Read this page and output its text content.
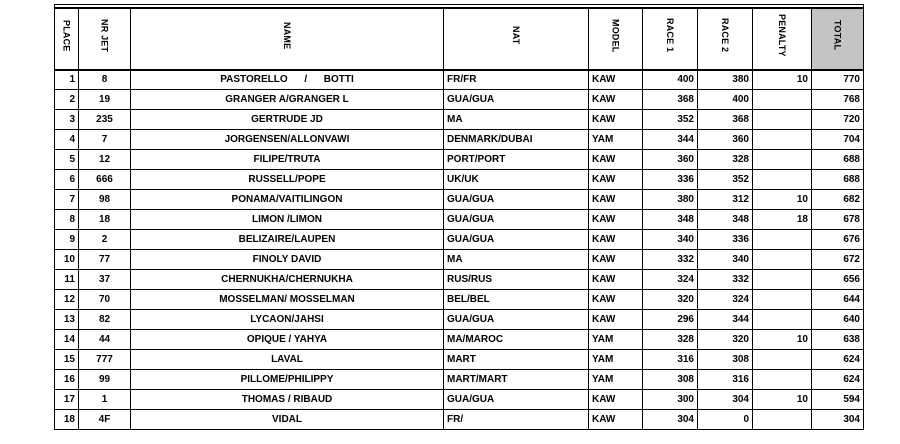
PLACE	NR JET	NAME	NAT	MODEL	RACE 1	RACE 2	PENALTY	TOTAL
1	8	PASTORELLO      /      BOTTI	FR/FR	KAW	400	380	10	770
2	19	GRANGER A/GRANGER L	GUA/GUA	KAW	368	400		768
3	235	GERTRUDE JD	MA	KAW	352	368		720
4	7	JORGENSEN/ALLONVAWI	DENMARK/DUBAI	YAM	344	360		704
5	12	FILIPE/TRUTA	PORT/PORT	KAW	360	328		688
6	666	RUSSELL/POPE	UK/UK	KAW	336	352		688
7	98	PONAMA/VAITILINGON	GUA/GUA	KAW	380	312	10	682
8	18	LIMON /LIMON	GUA/GUA	KAW	348	348	18	678
9	2	BELIZAIRE/LAUPEN	GUA/GUA	KAW	340	336		676
10	77	FINOLY DAVID	MA	KAW	332	340		672
11	37	CHERNUKHA/CHERNUKHA	RUS/RUS	KAW	324	332		656
12	70	MOSSELMAN/ MOSSELMAN	BEL/BEL	KAW	320	324		644
13	82	LYCAON/JAHSI	GUA/GUA	KAW	296	344		640
14	44	OPIQUE / YAHYA	MA/MAROC	YAM	328	320	10	638
15	777	LAVAL	MART	YAM	316	308		624
16	99	PILLOME/PHILIPPY	MART/MART	YAM	308	316		624
17	1	THOMAS / RIBAUD	GUA/GUA	KAW	300	304	10	594
18	4F	VIDAL	FR/	KAW	304	0		304
